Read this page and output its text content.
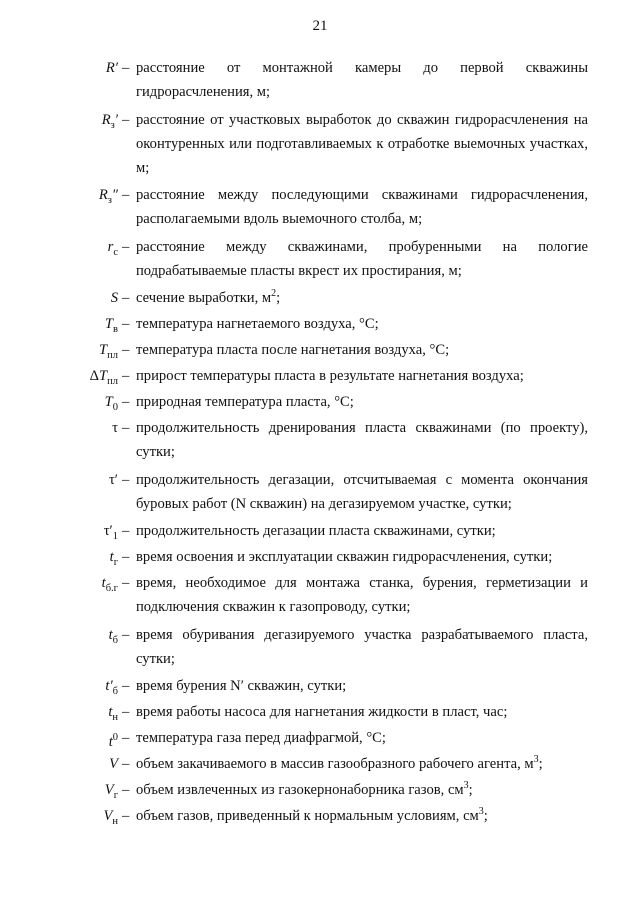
21
R′ – расстояние от монтажной камеры до первой скважины гидрорасчленения, м;
$R_з'$ – расстояние от участковых выработок до скважин гидрорасчленения на оконтуренных или подготавливаемых к отработке выемочных участках, м;
$R_з''$ – расстояние между последующими скважинами гидрорасчленения, располагаемыми вдоль выемочного столба, м;
$r_c$ – расстояние между скважинами, пробуренными на пологие подрабатываемые пласты вкрест их простирания, м;
S – сечение выработки, $м^2$;
$T_в$ – температура нагнетаемого воздуха, °С;
$T_{пл}$ – температура пласта после нагнетания воздуха, °С;
$\Delta T_{пл}$ – прирост температуры пласта в результате нагнетания воздуха;
$T_0$ – природная температура пласта, °С;
τ – продолжительность дренирования пласта скважинами (по проекту), сутки;
τ′ – продолжительность дегазации, отсчитываемая с момента окончания буровых работ (N скважин) на дегазируемом участке, сутки;
$\tau'_1$ – продолжительность дегазации пласта скважинами, сутки;
$t_г$ – время освоения и эксплуатации скважин гидрорасчленения, сутки;
$t_{б.г}$ – время, необходимое для монтажа станка, бурения, герметизации и подключения скважин к газопроводу, сутки;
$t_б$ – время обуривания дегазируемого участка разрабатываемого пласта, сутки;
$t'_б$ – время бурения N′ скважин, сутки;
$t_н$ – время работы насоса для нагнетания жидкости в пласт, час;
$t^0$ – температура газа перед диафрагмой, °С;
V – объем закачиваемого в массив газообразного рабочего агента, $м^3$;
$V_г$ – объем извлеченных из газокернонаборника газов, $см^3$;
$V_н$ – объем газов, приведенный к нормальным условиям, $см^3$;
